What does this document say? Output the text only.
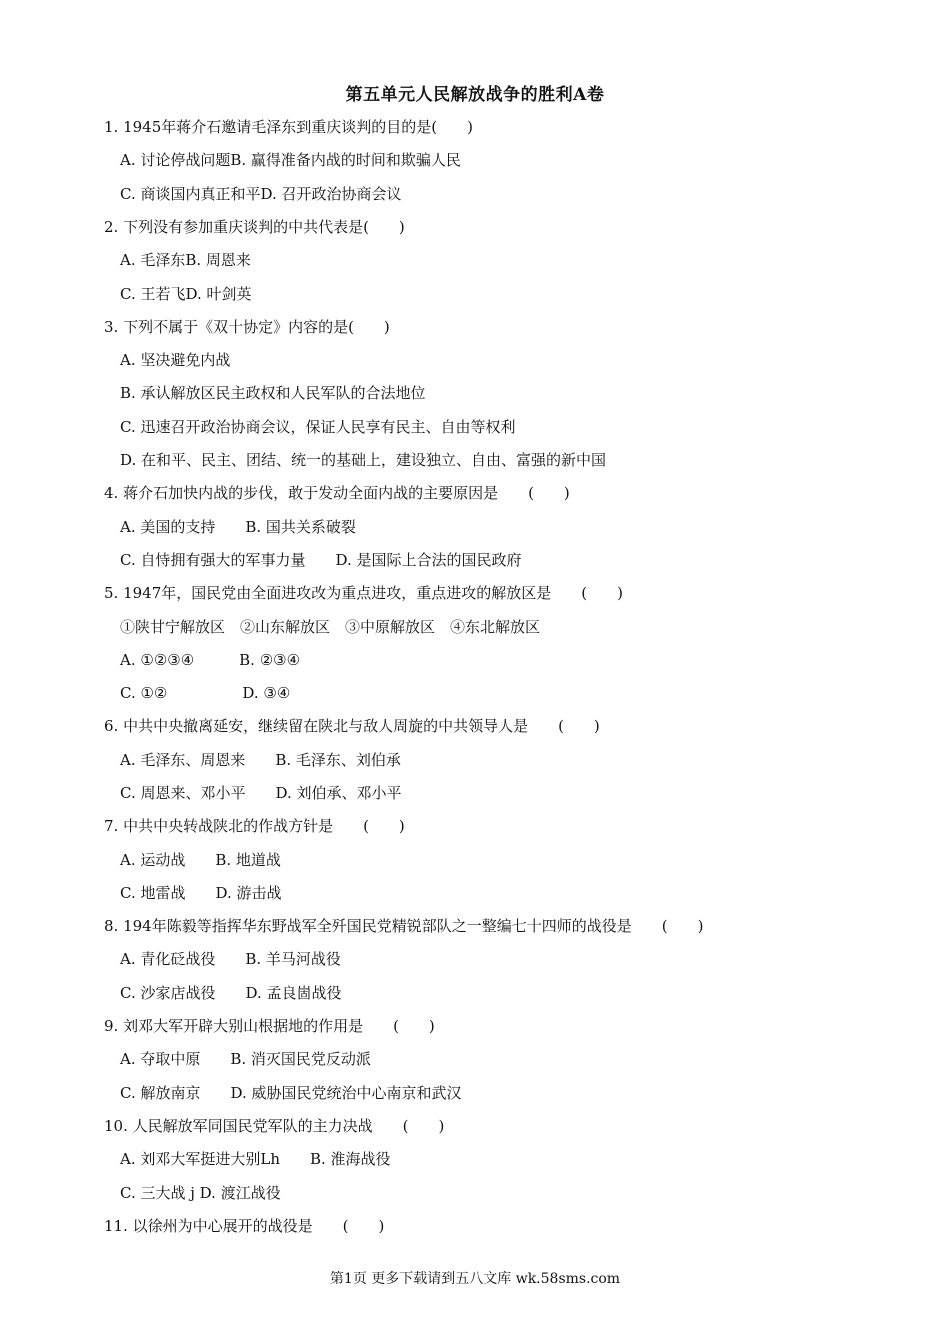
第五单元人民解放战争的胜利A卷
1. 1945年蒋介石邀请毛泽东到重庆谈判的目的是(　　)
A. 讨论停战问题B. 赢得准备内战的时间和欺骗人民
C. 商谈国内真正和平D. 召开政治协商会议
2. 下列没有参加重庆谈判的中共代表是(　　)
A. 毛泽东B. 周恩来
C. 王若飞D. 叶剑英
3. 下列不属于《双十协定》内容的是(　　)
A. 坚决避免内战
B. 承认解放区民主政权和人民军队的合法地位
C. 迅速召开政治协商会议，保证人民享有民主、自由等权利
D. 在和平、民主、团结、统一的基础上，建设独立、自由、富强的新中国
4. 蒋介石加快内战的步伐，敢于发动全面内战的主要原因是　　(　　)
A. 美国的支持　　B. 国共关系破裂
C. 自恃拥有强大的军事力量　　D. 是国际上合法的国民政府
5. 1947年，国民党由全面进攻改为重点进攻，重点进攻的解放区是　　(　　)
①陕甘宁解放区　②山东解放区　③中原解放区　④东北解放区
A. ①②③④　　　B. ②③④
C. ①②　　　　　D. ③④
6. 中共中央撤离延安，继续留在陕北与敌人周旋的中共领导人是　　(　　)
A. 毛泽东、周恩来　　B. 毛泽东、刘伯承
C. 周恩来、邓小平　　D. 刘伯承、邓小平
7. 中共中央转战陕北的作战方针是　　(　　)
A. 运动战　　B. 地道战
C. 地雷战　　D. 游击战
8. 194年陈毅等指挥华东野战军全歼国民党精锐部队之一整编七十四师的战役是　　(　　)
A. 青化砭战役　　B. 羊马河战役
C. 沙家店战役　　D. 孟良崮战役
9. 刘邓大军开辟大别山根据地的作用是　　(　　)
A. 夺取中原　　B. 消灭国民党反动派
C. 解放南京　　D. 威胁国民党统治中心南京和武汉
10. 人民解放军同国民党军队的主力决战　　(　　)
A. 刘邓大军挺进大别Lh　　B. 淮海战役
C. 三大战 j D. 渡江战役
11. 以徐州为中心展开的战役是　　(　　)
第1页 更多下载请到五八文库 wk.58sms.com
